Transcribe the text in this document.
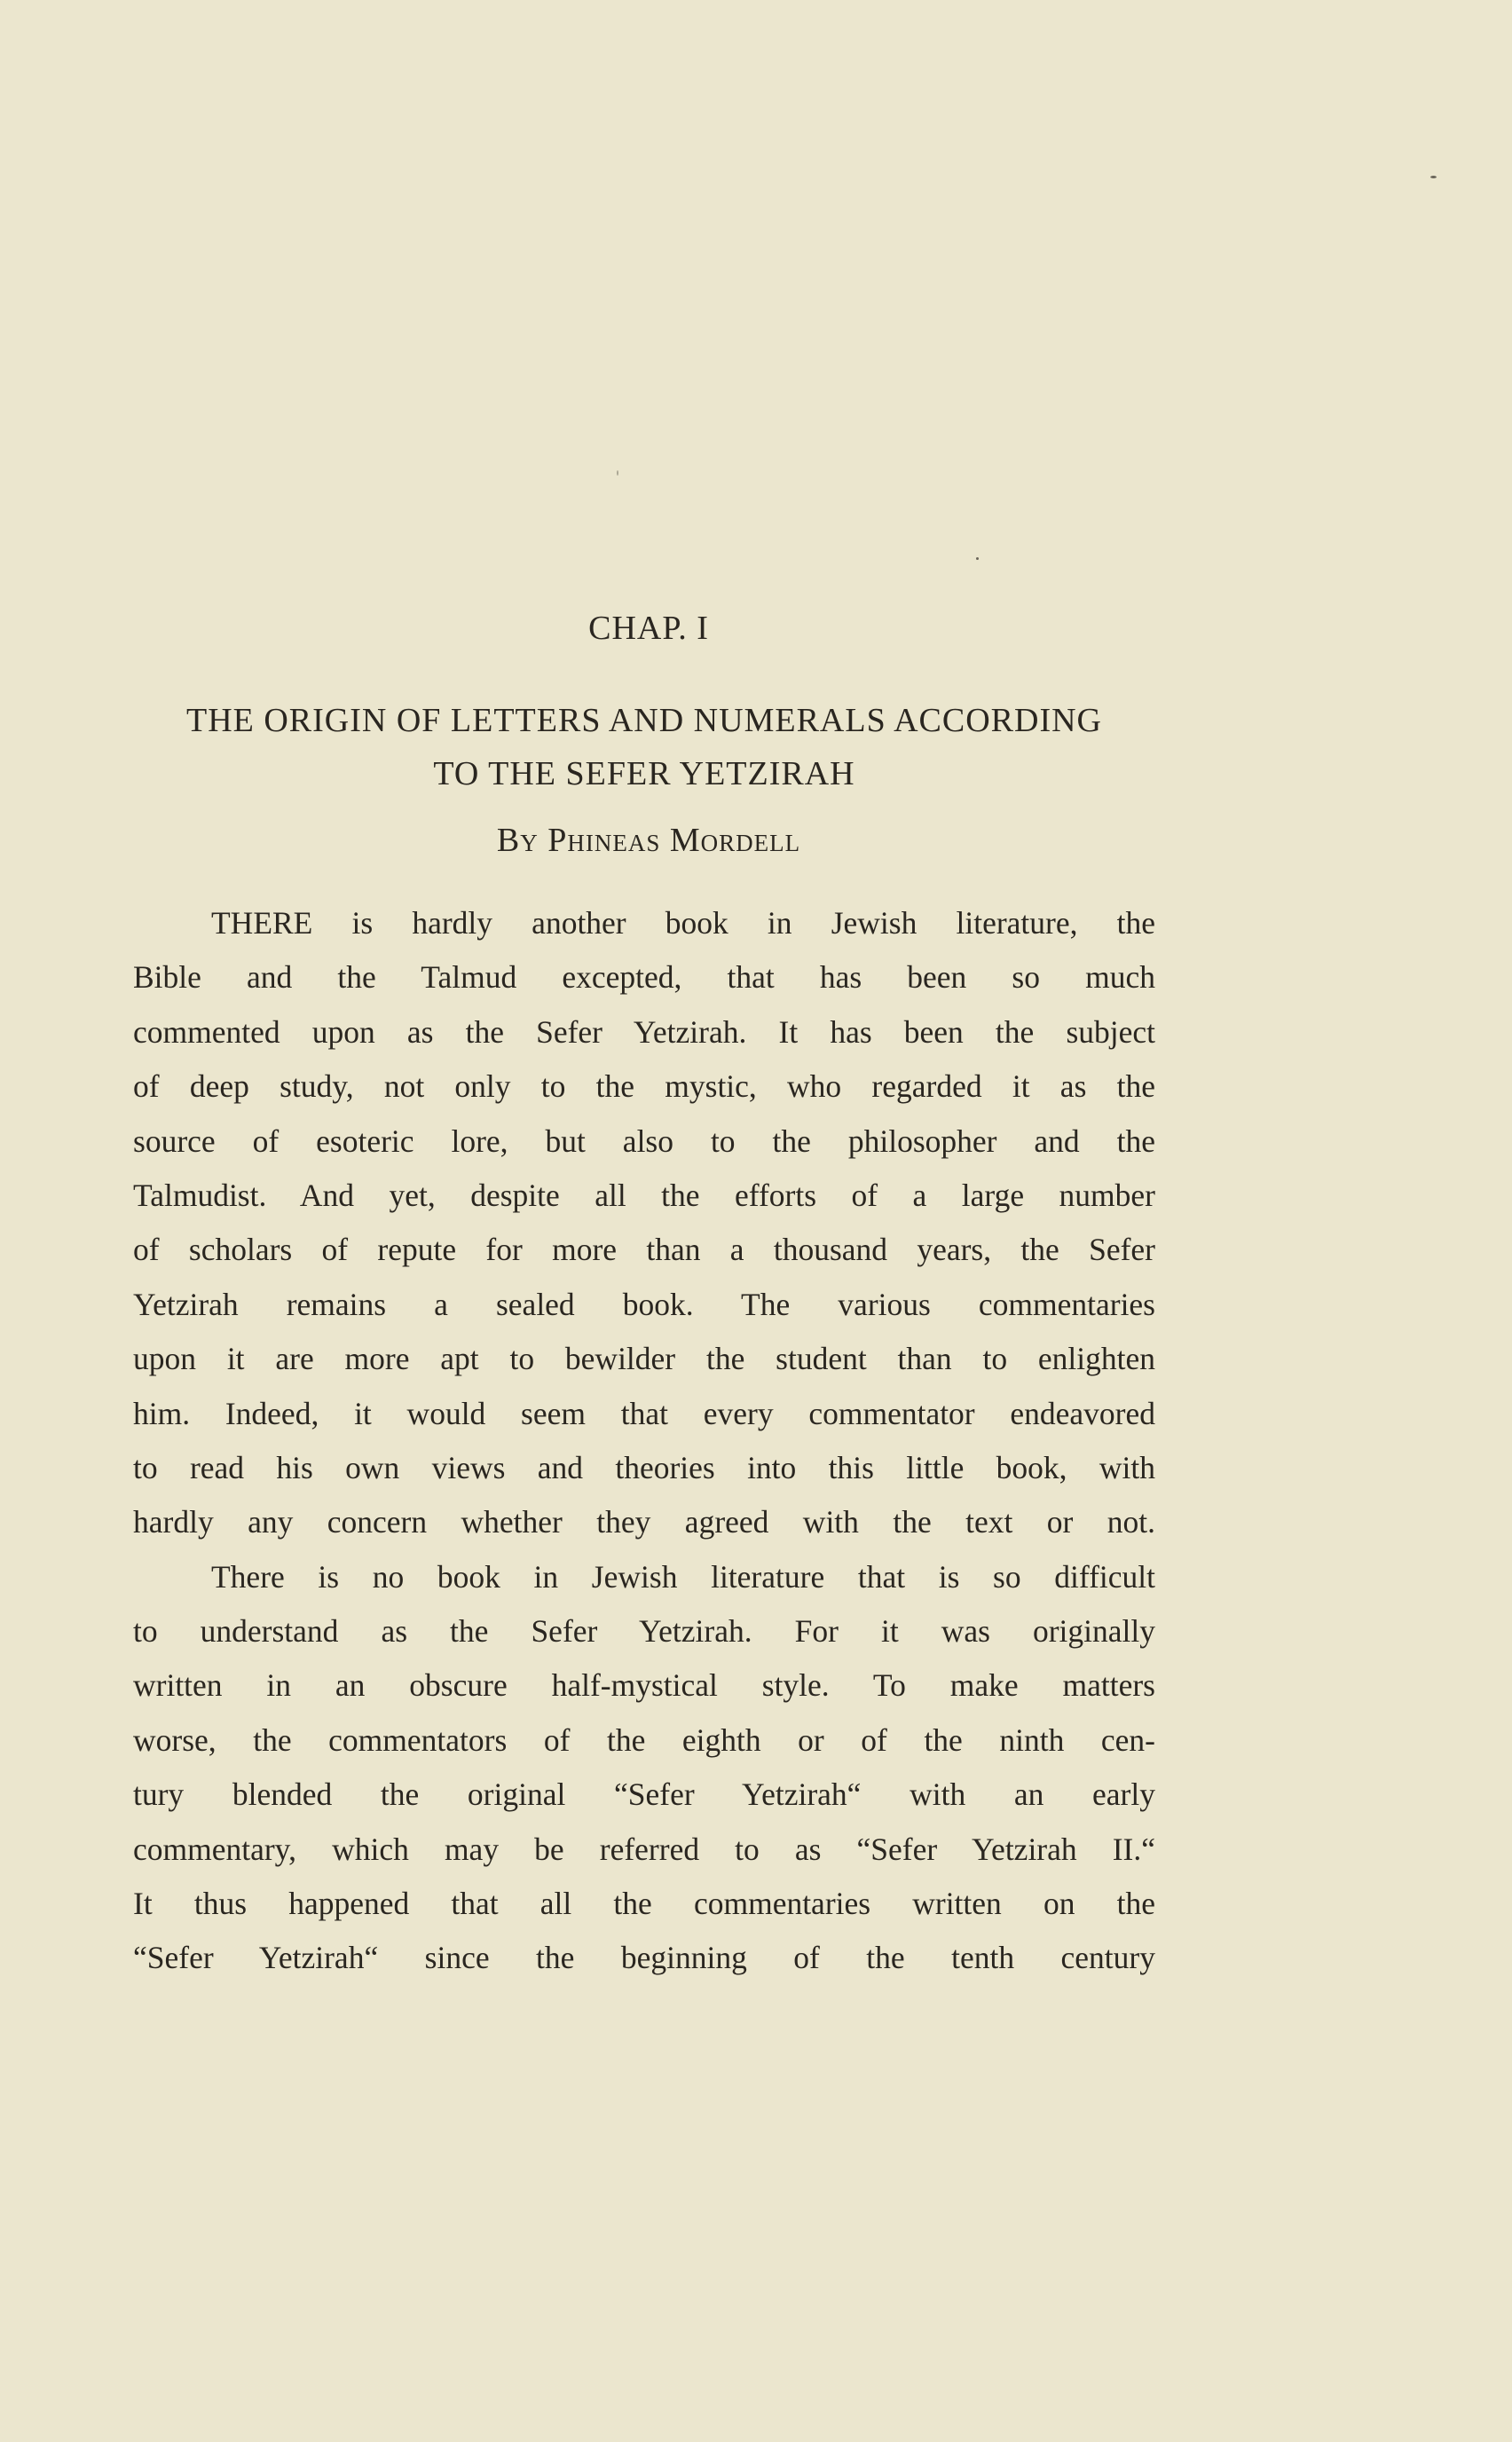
CHAP. I
THE ORIGIN OF LETTERS AND NUMERALS ACCORDING
TO THE SEFER YETZIRAH
By Phineas Mordell
THERE is hardly another book in Jewish literature, the
Bible and the Talmud excepted, that has been so much
commented upon as the Sefer Yetzirah. It has been the subject
of deep study, not only to the mystic, who regarded it as the
source of esoteric lore, but also to the philosopher and the
Talmudist. And yet, despite all the efforts of a large number
of scholars of repute for more than a thousand years, the Sefer
Yetzirah remains a sealed book. The various commentaries
upon it are more apt to bewilder the student than to enlighten
him. Indeed, it would seem that every commentator endeavored
to read his own views and theories into this little book, with
hardly any concern whether they agreed with the text or not.
There is no book in Jewish literature that is so difficult
to understand as the Sefer Yetzirah. For it was originally
written in an obscure half-mystical style. To make matters
worse, the commentators of the eighth or of the ninth cen-
tury blended the original “Sefer Yetzirah“ with an early
commentary, which may be referred to as “Sefer Yetzirah II.“
It thus happened that all the commentaries written on the
“Sefer Yetzirah“ since the beginning of the tenth century
